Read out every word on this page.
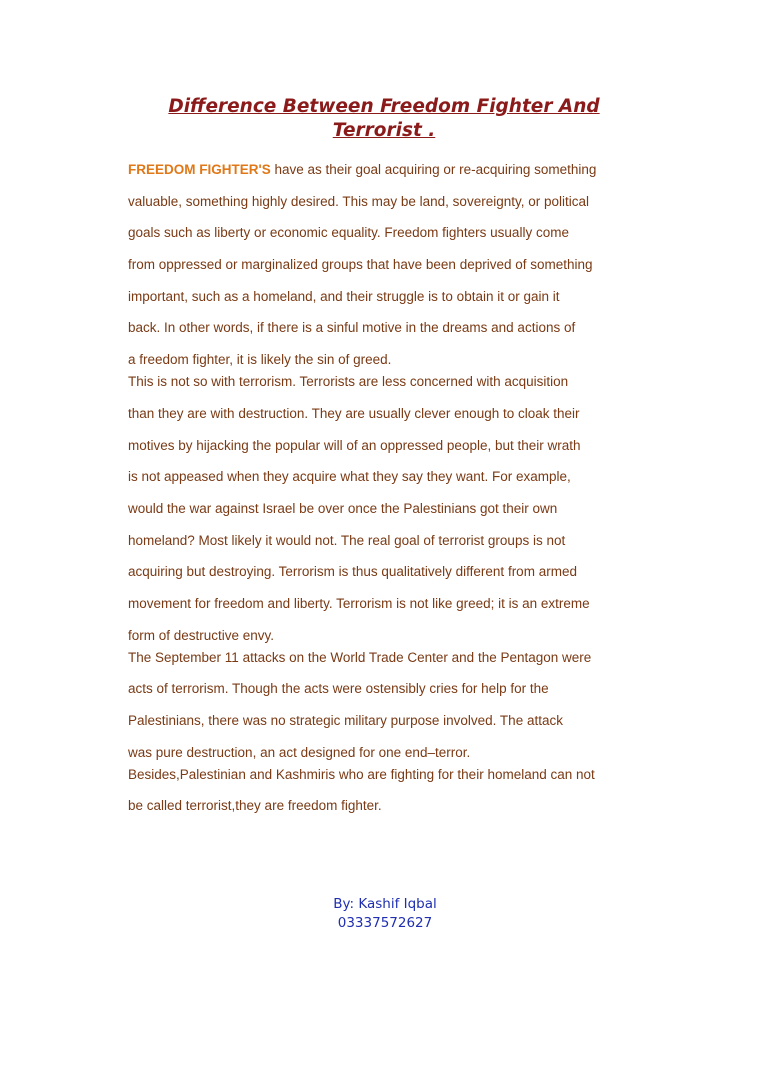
Difference Between Freedom Fighter And
Terrorist .
FREEDOM FIGHTER'S have as their goal acquiring or re-acquiring something
valuable, something highly desired. This may be land, sovereignty, or political
goals such as liberty or economic equality. Freedom fighters usually come
from oppressed or marginalized groups that have been deprived of something
important, such as a homeland, and their struggle is to obtain it or gain it
back. In other words, if there is a sinful motive in the dreams and actions of
a freedom fighter, it is likely the sin of greed.
This is not so with terrorism. Terrorists are less concerned with acquisition
than they are with destruction. They are usually clever enough to cloak their
motives by hijacking the popular will of an oppressed people, but their wrath
is not appeased when they acquire what they say they want. For example,
would the war against Israel be over once the Palestinians got their own
homeland? Most likely it would not. The real goal of terrorist groups is not
acquiring but destroying. Terrorism is thus qualitatively different from armed
movement for freedom and liberty. Terrorism is not like greed; it is an extreme
form of destructive envy.
The September 11 attacks on the World Trade Center and the Pentagon were
acts of terrorism. Though the acts were ostensibly cries for help for the
Palestinians, there was no strategic military purpose involved. The attack
was pure destruction, an act designed for one end–terror.
Besides,Palestinian and Kashmiris who are fighting for their homeland can not
be called terrorist,they are freedom fighter.
By: Kashif Iqbal
03337572627
